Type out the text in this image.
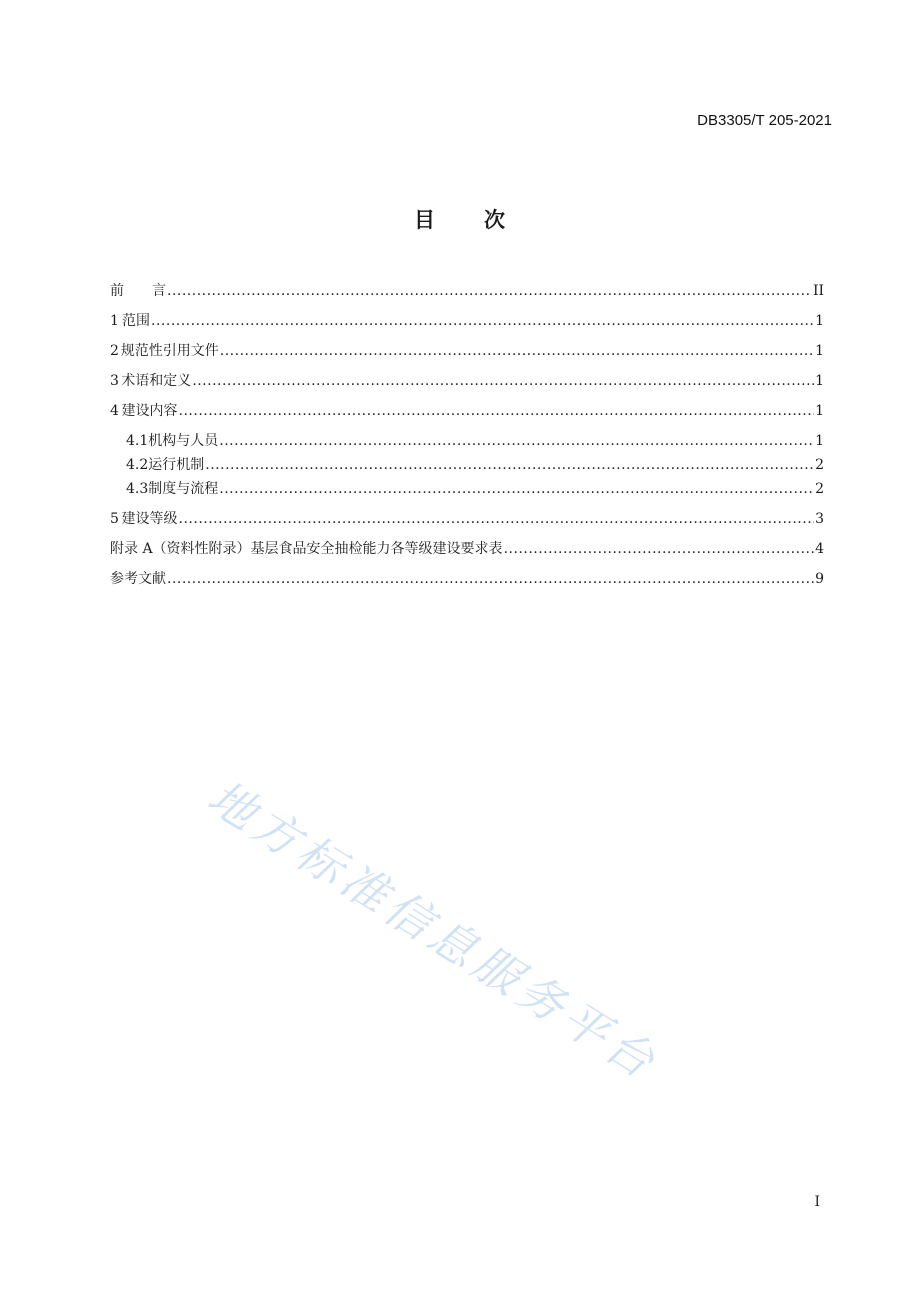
DB3305/T 205-2021
目 次
前　　言 .....	II
1 范围 .....	1
2 规范性引用文件 .....	1
3 术语和定义 .....	1
4 建设内容 .....	1
4.1 机构与人员 .....	1
4.2 运行机制 .....	2
4.3 制度与流程 .....	2
5 建设等级 .....	3
附录 A（资料性附录）基层食品安全抽检能力各等级建设要求表 .....	4
参考文献 .....	9
地方标准信息服务平台
I
